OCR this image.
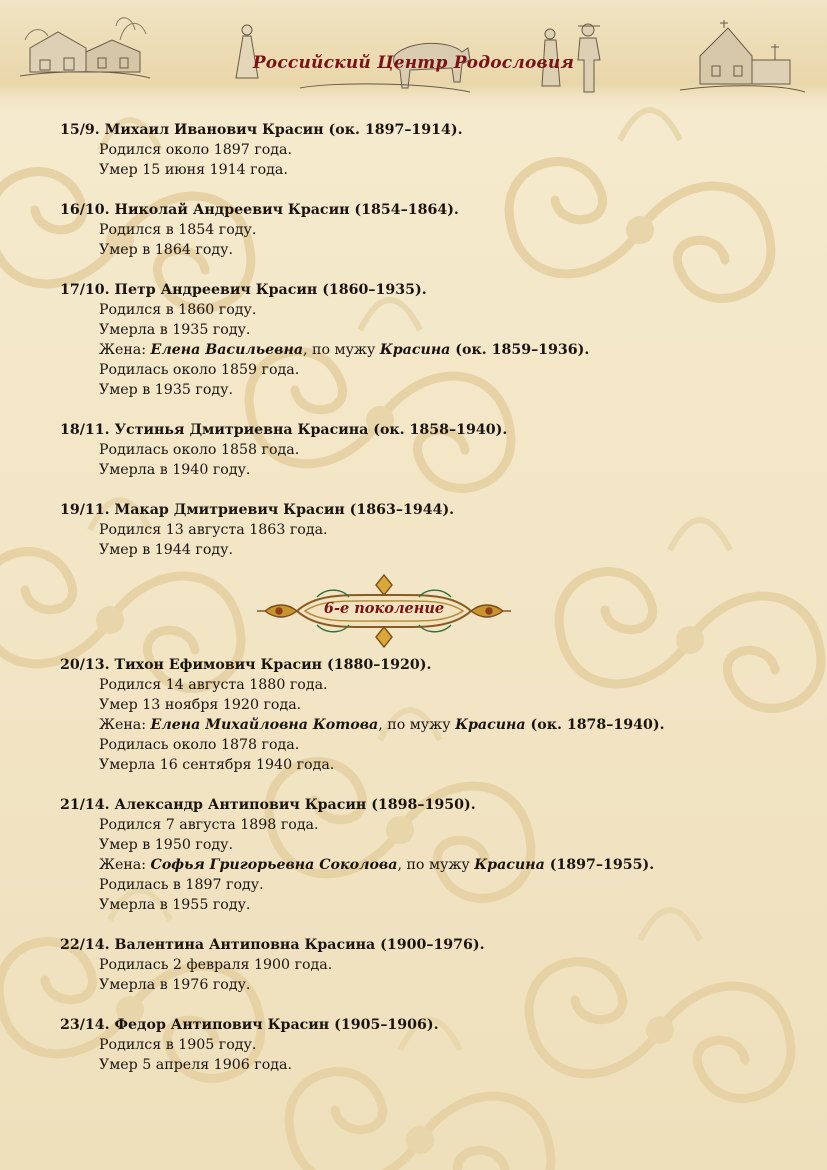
Российский Центр Родословия
15/9. Михаил Иванович Красин (ок. 1897–1914).
Родился около 1897 года.
Умер 15 июня 1914 года.
16/10. Николай Андреевич Красин (1854–1864).
Родился в 1854 году.
Умер в 1864 году.
17/10. Петр Андреевич Красин (1860–1935).
Родился в 1860 году.
Умерла в 1935 году.
Жена: Елена Васильевна, по мужу Красина (ок. 1859–1936).
Родилась около 1859 года.
Умер в 1935 году.
18/11. Устинья Дмитриевна Красина (ок. 1858–1940).
Родилась около 1858 года.
Умерла в 1940 году.
19/11. Макар Дмитриевич Красин (1863–1944).
Родился 13 августа 1863 года.
Умер в 1944 году.
6-е поколение
20/13. Тихон Ефимович Красин (1880–1920).
Родился 14 августа 1880 года.
Умер 13 ноября 1920 года.
Жена: Елена Михайловна Котова, по мужу Красина (ок. 1878–1940).
Родилась около 1878 года.
Умерла 16 сентября 1940 года.
21/14. Александр Антипович Красин (1898–1950).
Родился 7 августа 1898 года.
Умер в 1950 году.
Жена: Софья Григорьевна Соколова, по мужу Красина (1897–1955).
Родилась в 1897 году.
Умерла в 1955 году.
22/14. Валентина Антиповна Красина (1900–1976).
Родилась 2 февраля 1900 года.
Умерла в 1976 году.
23/14. Федор Антипович Красин (1905–1906).
Родился в 1905 году.
Умер 5 апреля 1906 года.
